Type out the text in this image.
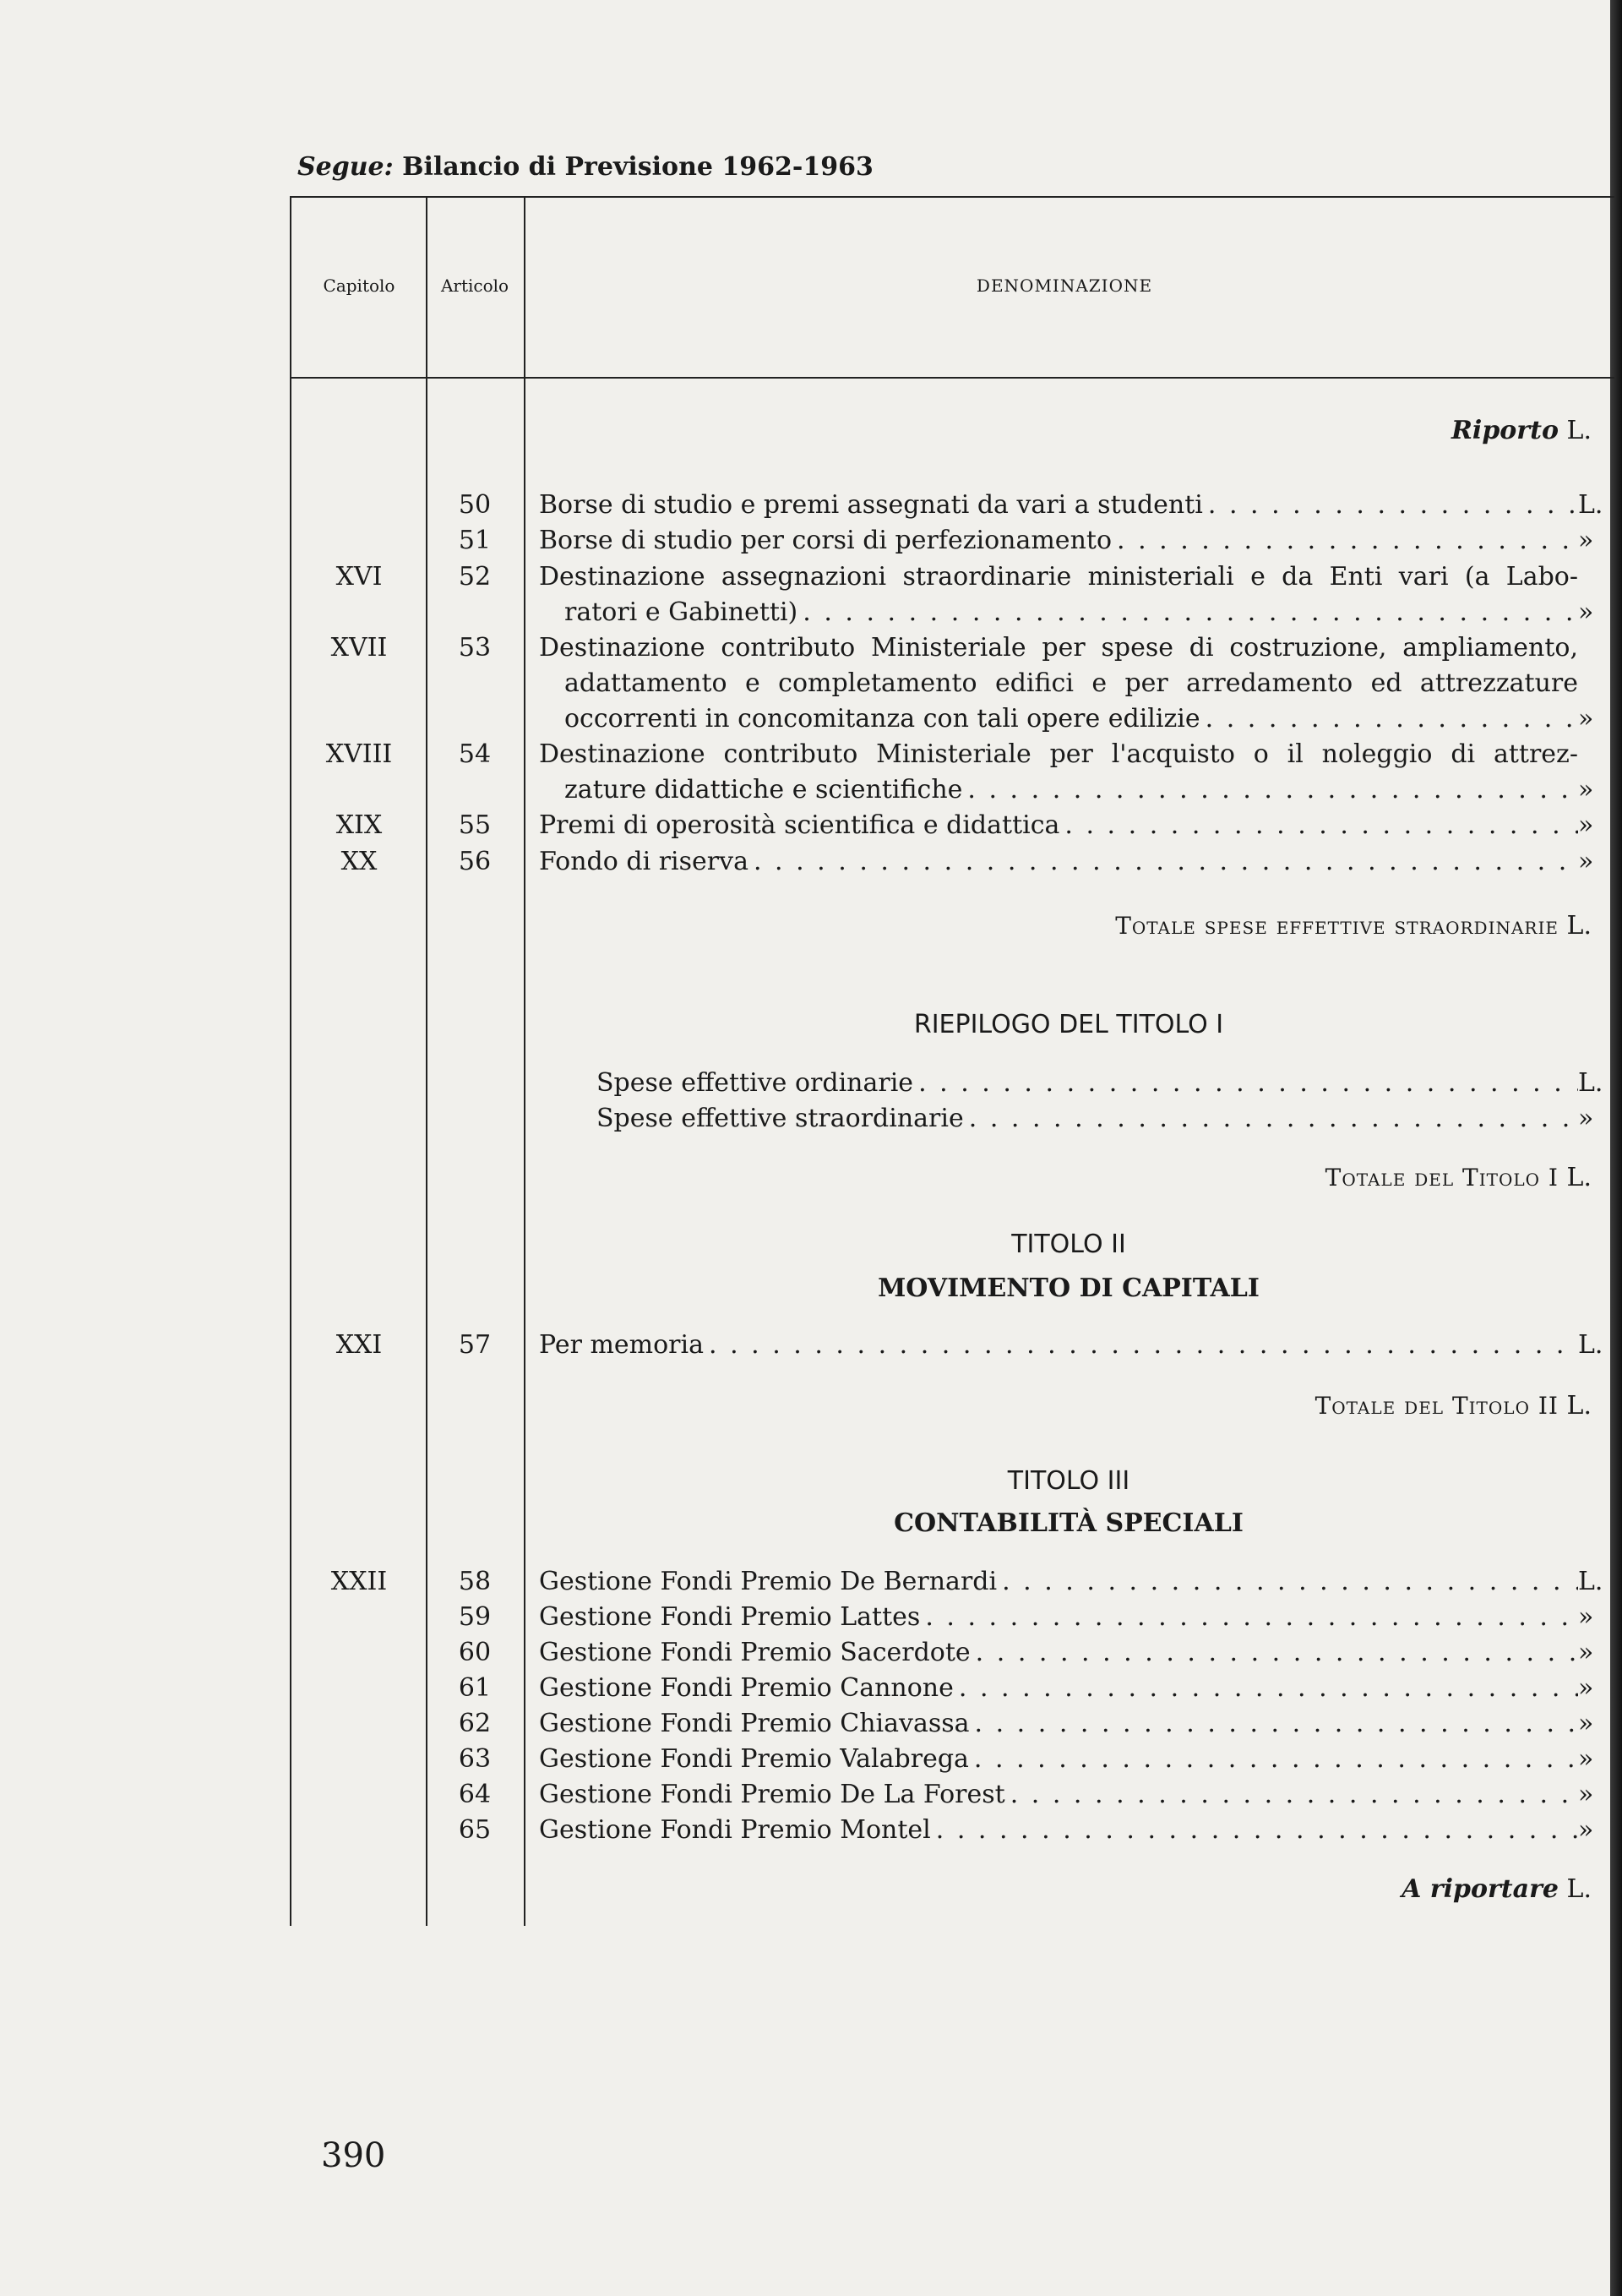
Segue: Bilancio di Previsione 1962-1963
Capitolo	Articolo	DENOMINAZIONE
Riporto L.
50	Borse di studio e premi assegnati da vari a studenti . . .	L.
51	Borse di studio per corsi di perfezionamento . . .	»
XVI	52	Destinazione assegnazioni straordinarie ministeriali e da Enti vari (a Labo-
ratori e Gabinetti) . . .	»
XVII	53	Destinazione contributo Ministeriale per spese di costruzione, ampliamento,
adattamento e completamento edifici e per arredamento ed attrezzature
occorrenti in concomitanza con tali opere edilizie . . .	»
XVIII	54	Destinazione contributo Ministeriale per l'acquisto o il noleggio di attrez-
zature didattiche e scientifiche . . .	»
XIX	55	Premi di operosità scientifica e didattica . . .	»
XX	56	Fondo di riserva . . .	»
Totale spese effettive straordinarie L.
RIEPILOGO DEL TITOLO I
Spese effettive ordinarie . . .	L.
Spese effettive straordinarie . . .	»
Totale del Titolo I L.
TITOLO II
MOVIMENTO DI CAPITALI
XXI	57	Per memoria . . .	L.
Totale del Titolo II L.
TITOLO III
CONTABILITÀ SPECIALI
XXII	58	Gestione Fondi Premio De Bernardi . . .	L.
59	Gestione Fondi Premio Lattes . . .	»
60	Gestione Fondi Premio Sacerdote . . .	»
61	Gestione Fondi Premio Cannone . . .	»
62	Gestione Fondi Premio Chiavassa . . .	»
63	Gestione Fondi Premio Valabrega . . .	»
64	Gestione Fondi Premio De La Forest . . .	»
65	Gestione Fondi Premio Montel . . .	»
A riportare L.
390
